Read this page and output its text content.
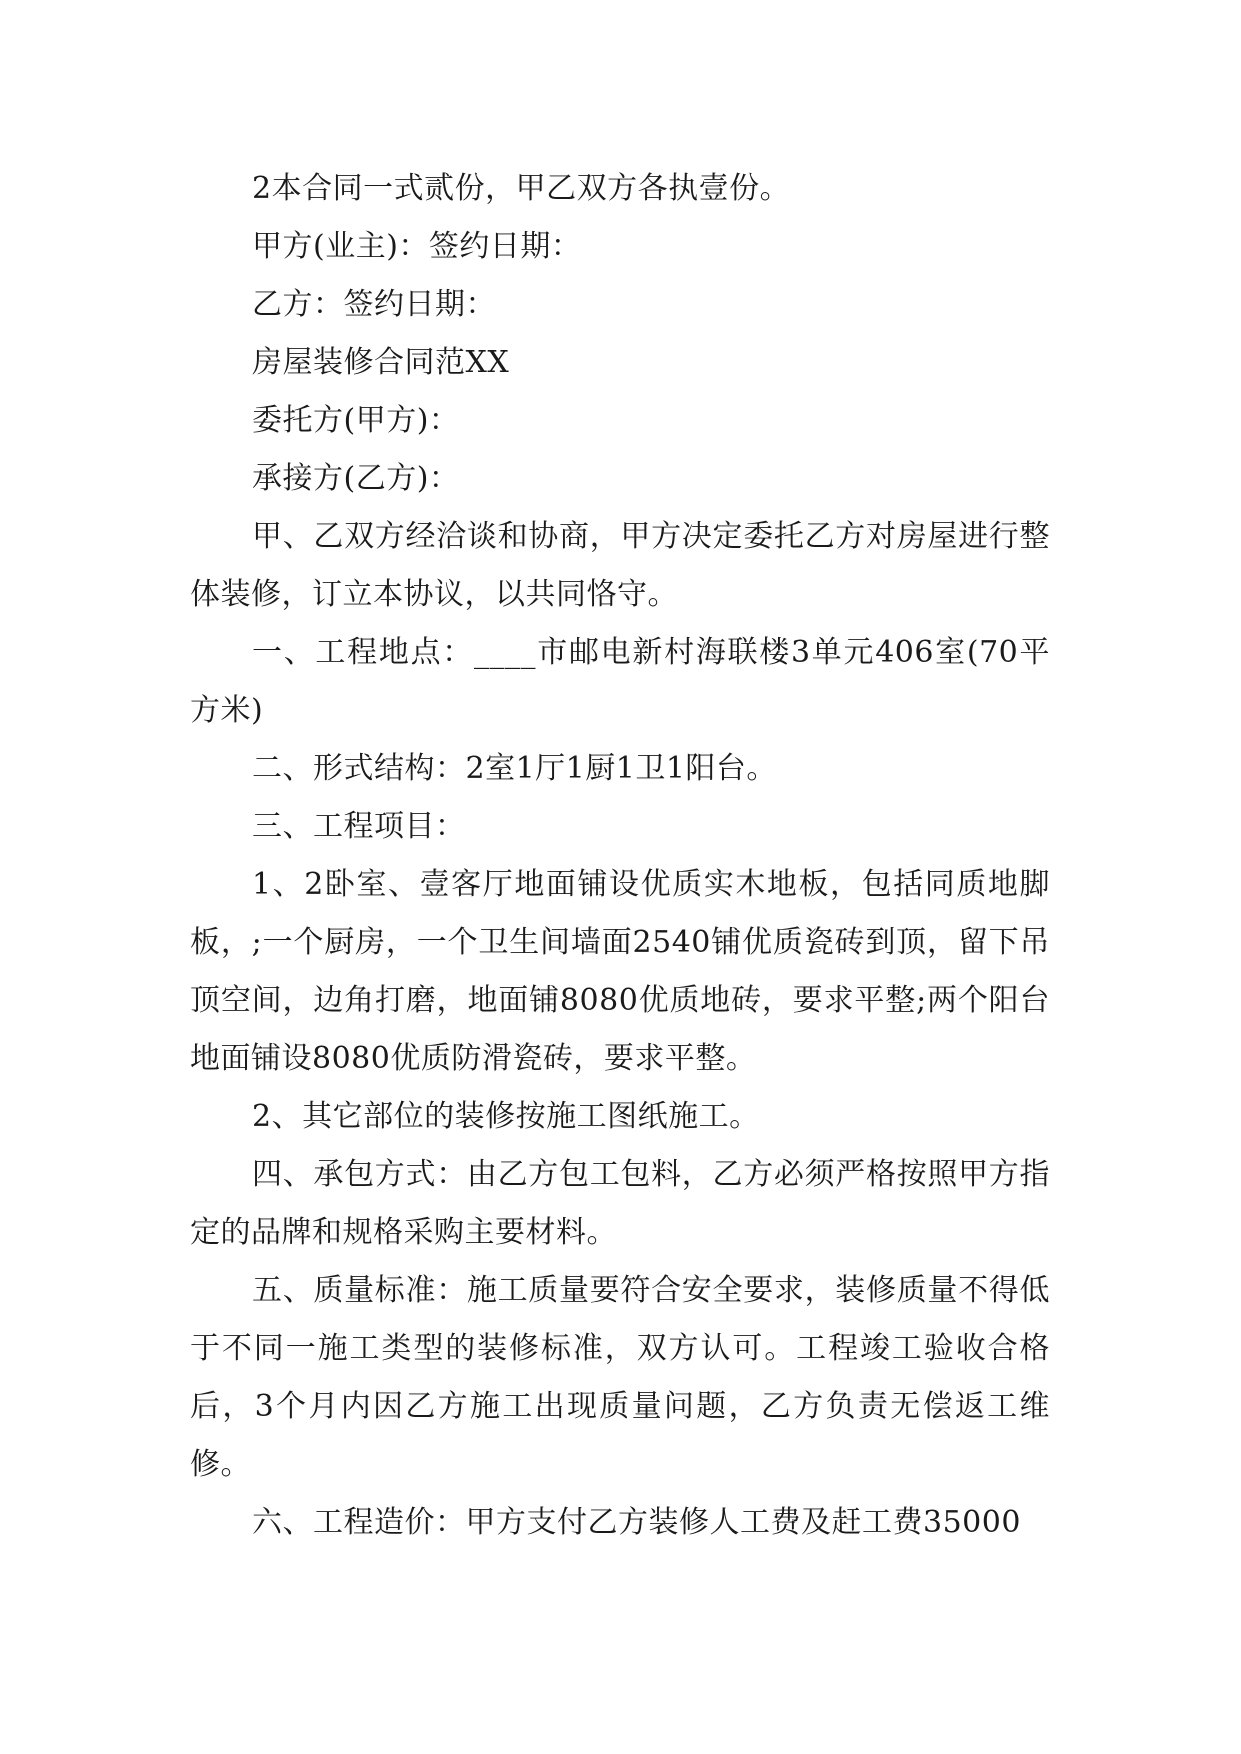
2本合同一式贰份，甲乙双方各执壹份。

甲方(业主)：签约日期：

乙方：签约日期：

房屋装修合同范XX

委托方(甲方)：

承接方(乙方)：

甲、乙双方经洽谈和协商，甲方决定委托乙方对房屋进行整体装修，订立本协议，以共同恪守。

一、工程地点：____市邮电新村海联楼3单元406室(70平方米)

二、形式结构：2室1厅1厨1卫1阳台。

三、工程项目：

1、2卧室、壹客厅地面铺设优质实木地板，包括同质地脚板，;一个厨房，一个卫生间墙面2540铺优质瓷砖到顶，留下吊顶空间，边角打磨，地面铺8080优质地砖，要求平整;两个阳台地面铺设8080优质防滑瓷砖，要求平整。

2、其它部位的装修按施工图纸施工。

四、承包方式：由乙方包工包料，乙方必须严格按照甲方指定的品牌和规格采购主要材料。

五、质量标准：施工质量要符合安全要求，装修质量不得低于不同一施工类型的装修标准，双方认可。工程竣工验收合格后，3个月内因乙方施工出现质量问题，乙方负责无偿返工维修。

六、工程造价：甲方支付乙方装修人工费及赶工费35000
